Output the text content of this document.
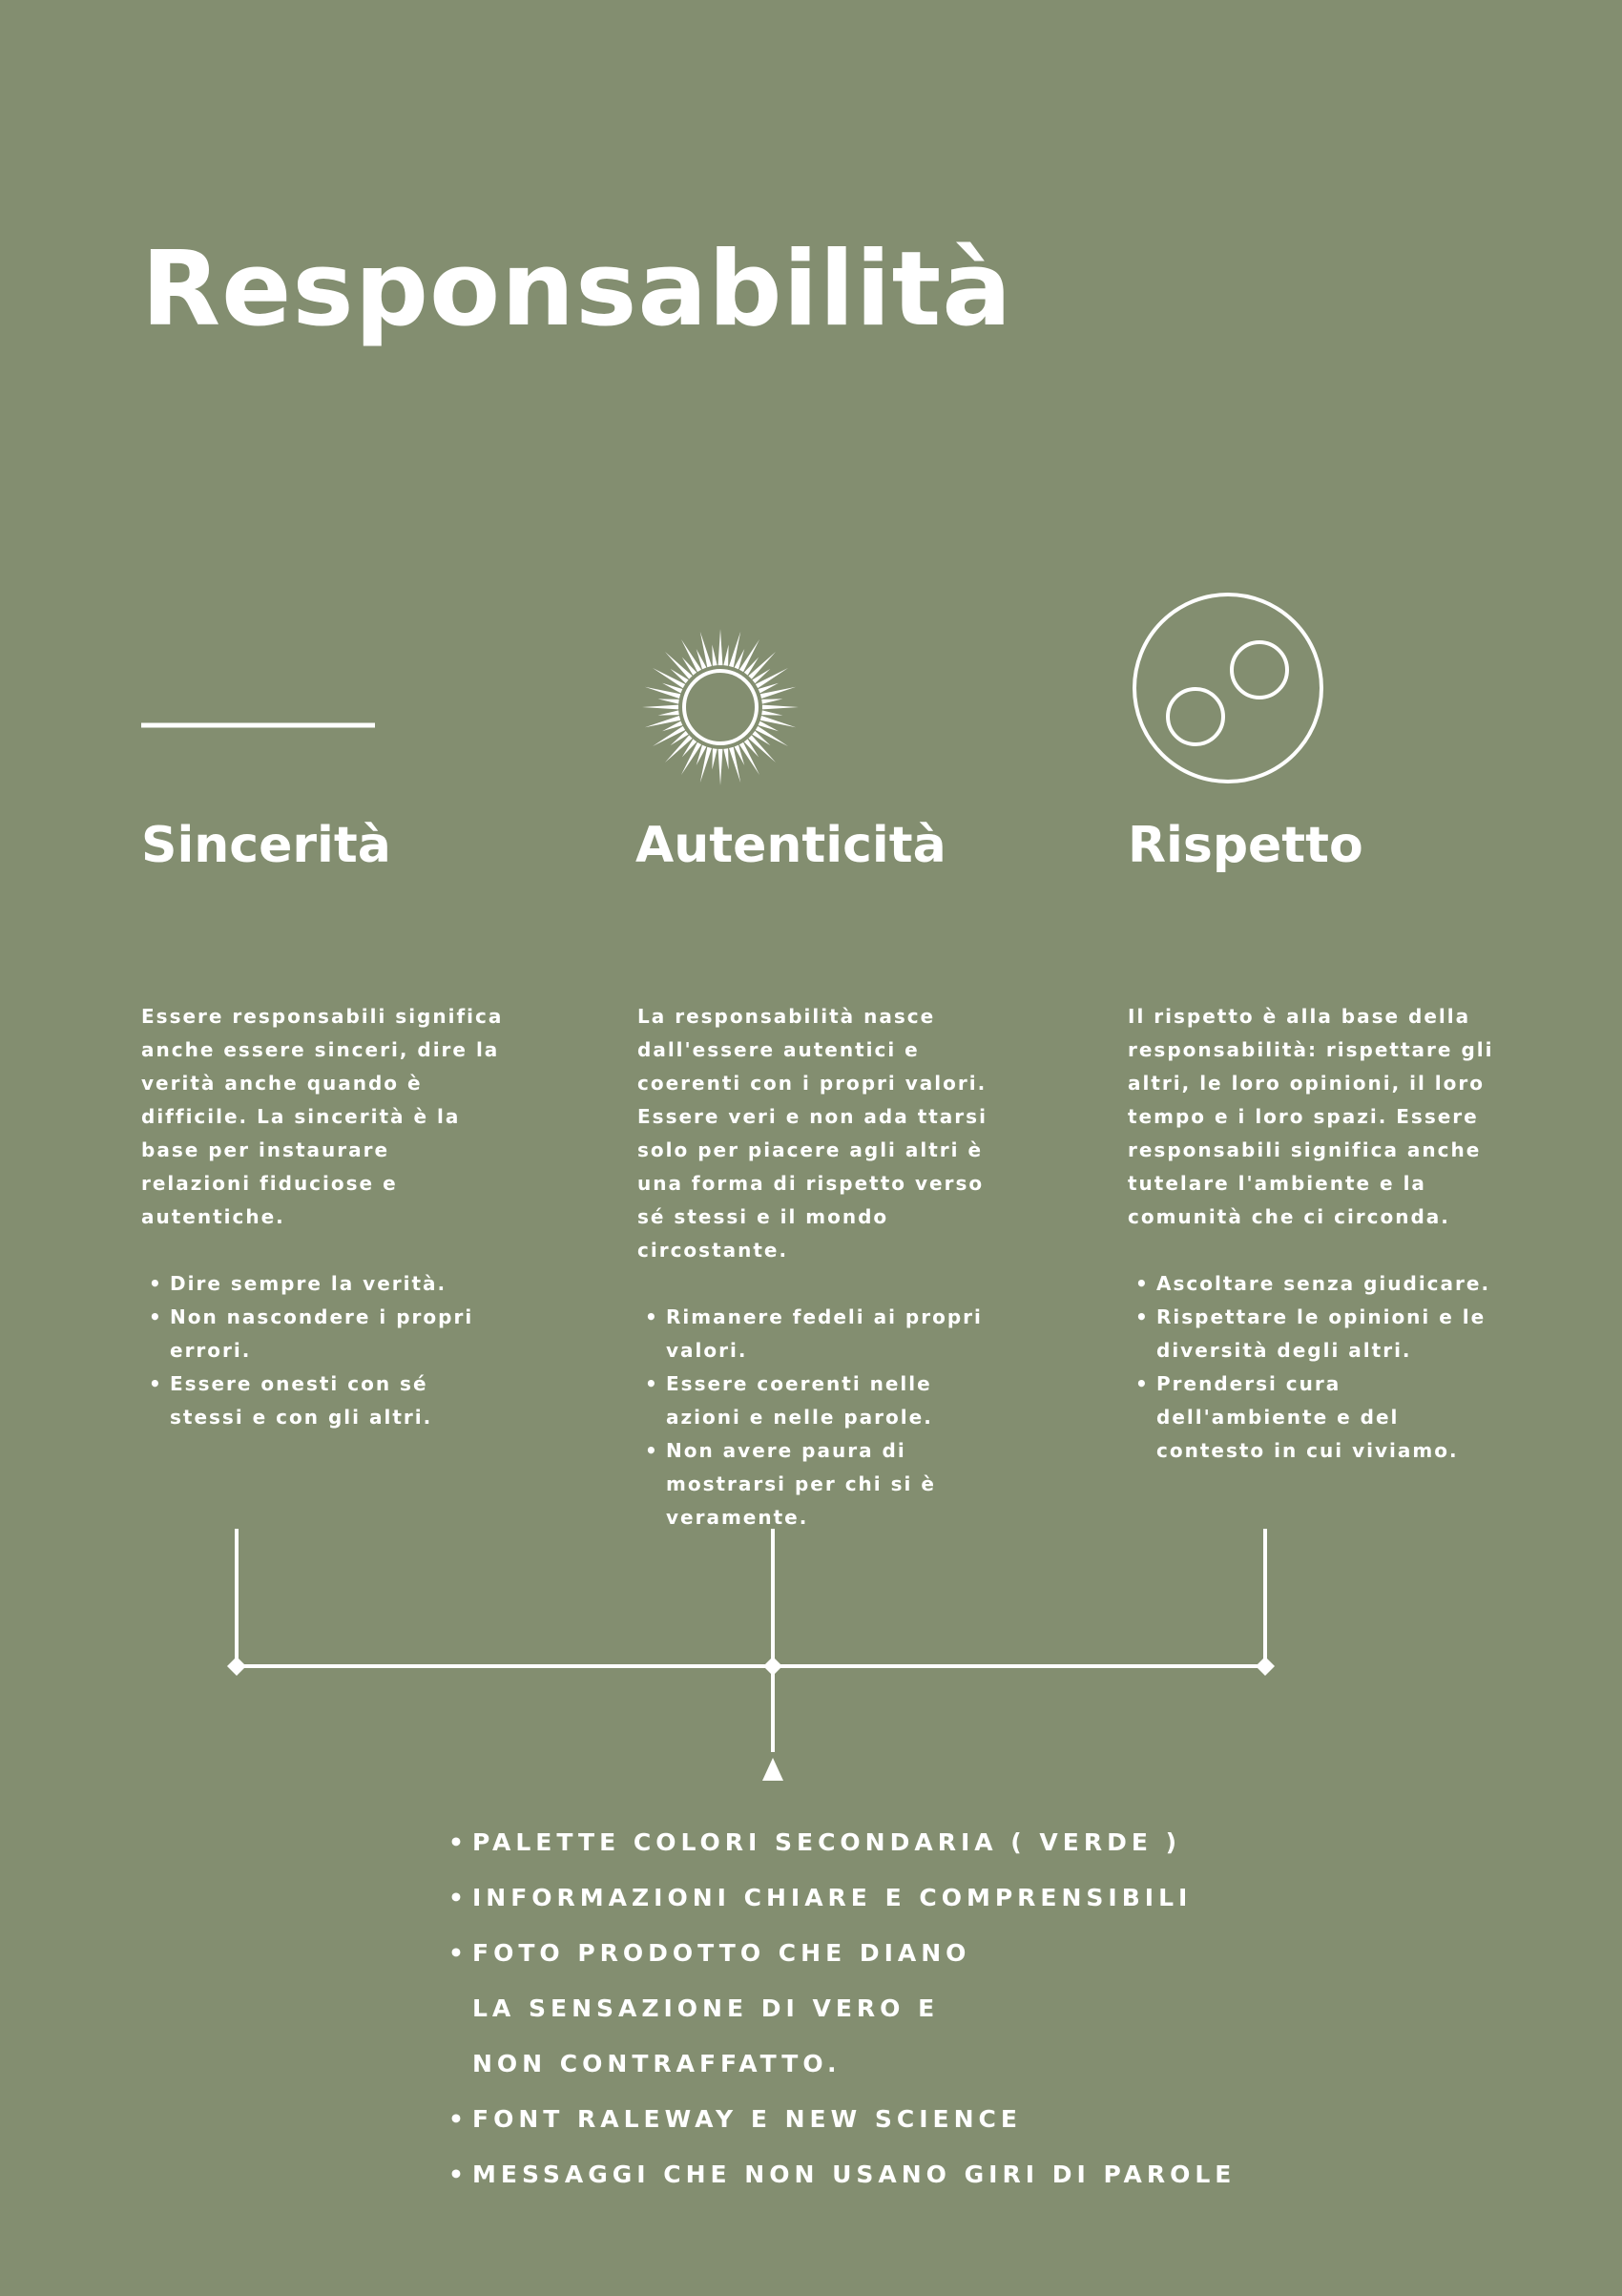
Responsabilità
Sincerità	Autenticità	Rispetto

Essere responsabili significa anche essere sinceri, dire la verità anche quando è difficile. La sincerità è la base per instaurare relazioni fiduciose e autentiche.

• Dire sempre la verità.
• Non nascondere i propri errori.
• Essere onesti con sé stessi e con gli altri.

La responsabilità nasce dall'essere autentici e coerenti con i propri valori. Essere veri e non ada ttarsi solo per piacere agli altri è una forma di rispetto verso sé stessi e il mondo circostante.

• Rimanere fedeli ai propri valori.
• Essere coerenti nelle azioni e nelle parole.
• Non avere paura di mostrarsi per chi si è veramente.

Il rispetto è alla base della responsabilità: rispettare gli altri, le loro opinioni, il loro tempo e i loro spazi. Essere responsabili significa anche tutelare l'ambiente e la comunità che ci circonda.

• Ascoltare senza giudicare.
• Rispettare le opinioni e le diversità degli altri.
• Prendersi cura dell'ambiente e del contesto in cui viviamo.
• PALETTE COLORI SECONDARIA ( VERDE )
• INFORMAZIONI CHIARE E COMPRENSIBILI
• FOTO PRODOTTO CHE DIANO LA SENSAZIONE DI VERO E NON CONTRAFFATTO.
• FONT RALEWAY E NEW SCIENCE
• MESSAGGI CHE NON USANO GIRI DI PAROLE
